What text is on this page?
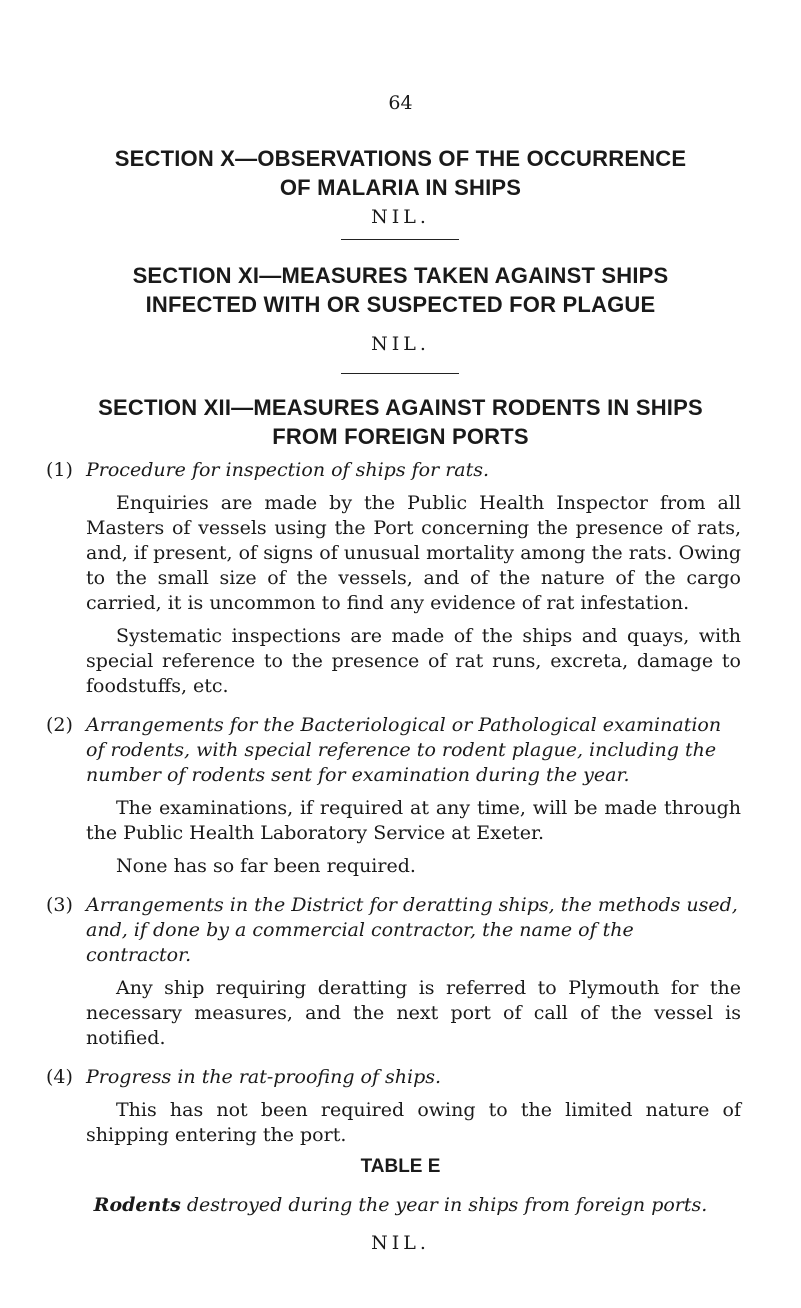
64

SECTION X—OBSERVATIONS OF THE OCCURRENCE

OF MALARIA IN SHIPS

NIL.

SECTION XI—MEASURES TAKEN AGAINST SHIPS

INFECTED WITH OR SUSPECTED FOR PLAGUE

NIL.

SECTION XII—MEASURES AGAINST RODENTS IN SHIPS

FROM FOREIGN PORTS

(1) Procedure for inspection of ships for rats.

Enquiries are made by the Public Health Inspector from all Masters of vessels using the Port concerning the presence of rats, and, if present, of signs of unusual mortality among the rats. Owing to the small size of the vessels, and of the nature of the cargo carried, it is uncommon to find any evidence of rat infestation.

Systematic inspections are made of the ships and quays, with special reference to the presence of rat runs, excreta, damage to foodstuffs, etc.

(2) Arrangements for the Bacteriological or Pathological examination of rodents, with special reference to rodent plague, including the number of rodents sent for examination during the year.

The examinations, if required at any time, will be made through the Public Health Laboratory Service at Exeter.

None has so far been required.

(3) Arrangements in the District for deratting ships, the methods used, and, if done by a commercial contractor, the name of the contractor.

Any ship requiring deratting is referred to Plymouth for the necessary measures, and the next port of call of the vessel is notified.

(4) Progress in the rat-proofing of ships.

This has not been required owing to the limited nature of shipping entering the port.

TABLE E

Rodents destroyed during the year in ships from foreign ports.

NIL.
